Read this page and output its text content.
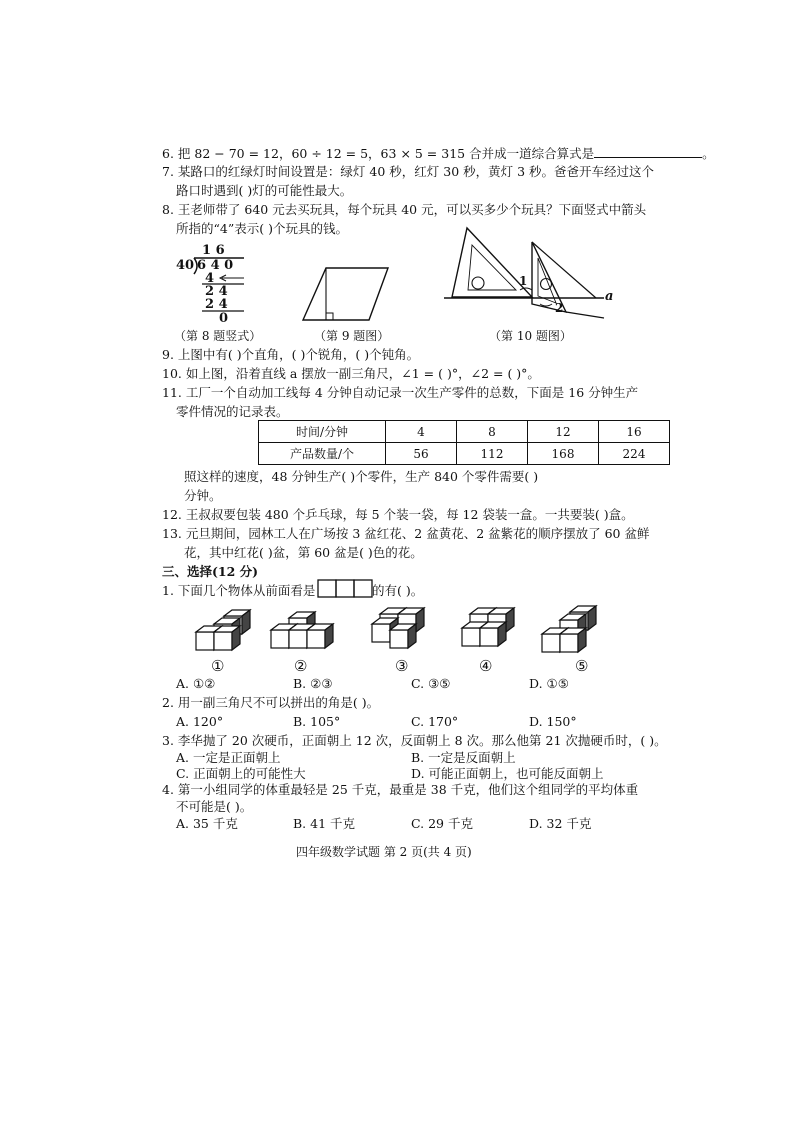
6. 把 82 − 70 = 12，60 ÷ 12 = 5，63 × 5 = 315 合并成一道综合算式是	。
7. 某路口的红绿灯时间设置是：绿灯 40 秒，红灯 30 秒，黄灯 3 秒。爸爸开车经过这个
路口时遇到( )灯的可能性最大。
8. 王老师带了 640 元去买玩具，每个玩具 40 元，可以买多少个玩具？下面竖式中箭头
所指的“4”表示( )个玩具的钱。
1 6
40 6 4 0
4
2 4
2 4
0
1
2
a
（第 8 题竖式）	（第 9 题图）	（第 10 题图）
9. 上图中有( )个直角，( )个锐角，( )个钝角。
10. 如上图，沿着直线 a 摆放一副三角尺，∠1 = ( )°，∠2 = ( )°。
11. 工厂一个自动加工线每 4 分钟自动记录一次生产零件的总数，下面是 16 分钟生产
零件情况的记录表。
时间/分钟	4	8	12	16
产品数量/个	56	112	168	224
照这样的速度，48 分钟生产( )个零件，生产 840 个零件需要( )
分钟。
12. 王叔叔要包装 480 个乒乓球，每 5 个装一袋，每 12 袋装一盒。一共要装( )盒。
13. 元旦期间，园林工人在广场按 3 盆红花、2 盆黄花、2 盆紫花的顺序摆放了 60 盆鲜
花，其中红花( )盆，第 60 盆是( )色的花。
三、选择(12 分)
1. 下面几个物体从前面看是	的有( )。
①	②	③	④	⑤
A. ①②	B. ②③	C. ③⑤	D. ①⑤
2. 用一副三角尺不可以拼出的角是( )。
A. 120°	B. 105°	C. 170°	D. 150°
3. 李华抛了 20 次硬币，正面朝上 12 次，反面朝上 8 次。那么他第 21 次抛硬币时，( )。
A. 一定是正面朝上	B. 一定是反面朝上
C. 正面朝上的可能性大	D. 可能正面朝上，也可能反面朝上
4. 第一小组同学的体重最轻是 25 千克，最重是 38 千克，他们这个组同学的平均体重
不可能是( )。
A. 35 千克	B. 41 千克	C. 29 千克	D. 32 千克
四年级数学试题 第 2 页(共 4 页)
